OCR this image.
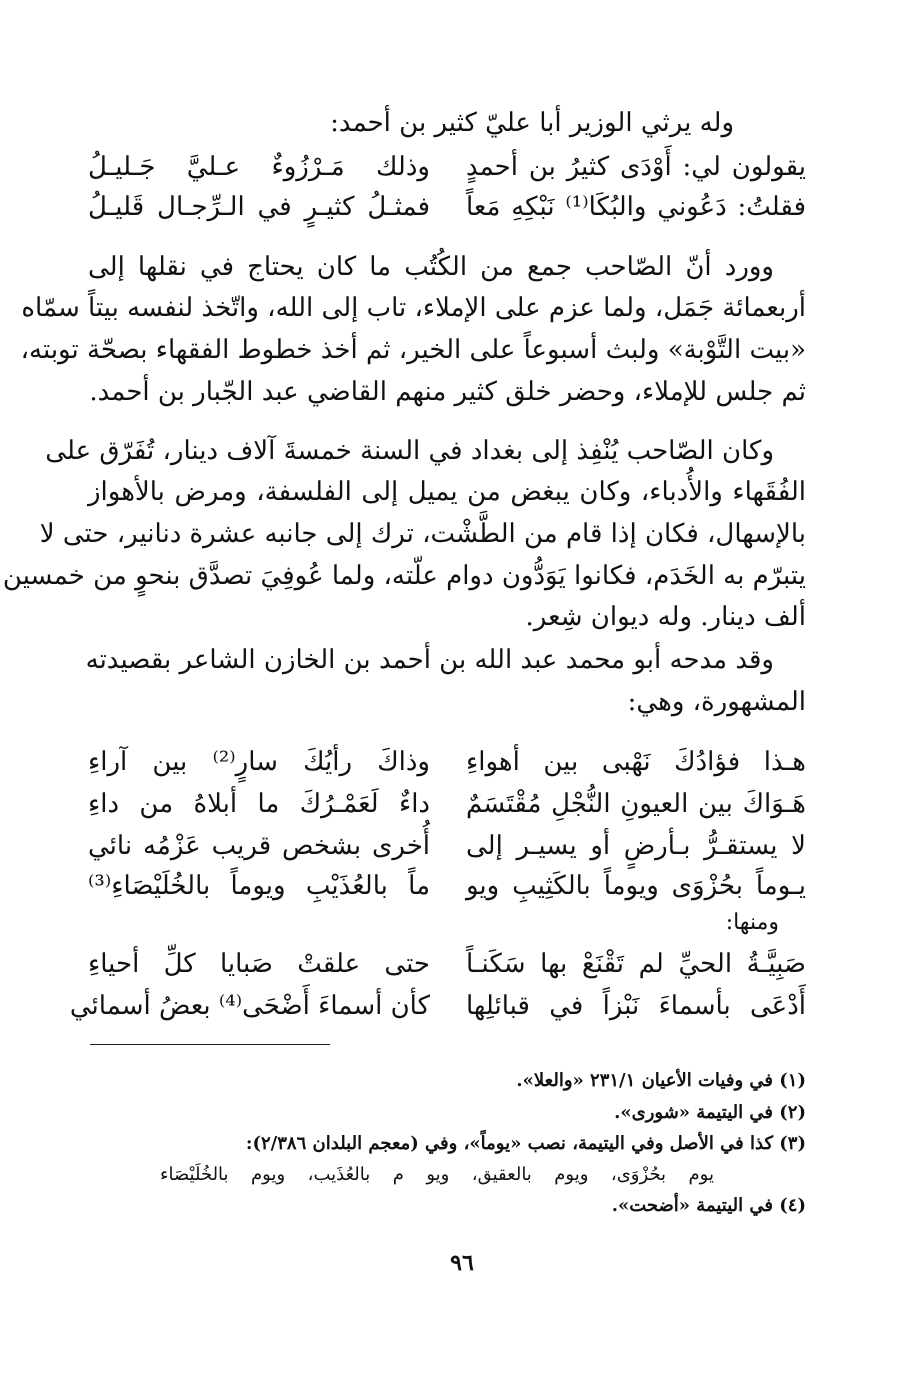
وله يرثي الوزير أبا عليّ كثير بن أحمد:
يقولون لي: أَوْدَى كثيرُ بن أحمدٍ
وذلك مَـرْزُوءٌ عـليَّ جَـليـلُ
فقلتُ: دَعُوني والبُكَا⁽¹⁾ نَبْكِهِ مَعاً
فمثـلُ كثيـرٍ في الـرِّجـال قَليـلُ
وورد أنّ الصّاحب جمع من الكُتُب ما كان يحتاج في نقلها إلى
أربعمائة جَمَل، ولما عزم على الإملاء، تاب إلى الله، واتّخذ لنفسه بيتاً سمّاه
«بيت التَّوْبة» ولبث أسبوعاً على الخير، ثم أخذ خطوط الفقهاء بصحّة توبته،
ثم جلس للإملاء، وحضر خلق كثير منهم القاضي عبد الجّبار بن أحمد.
وكان الصّاحب يُنْفِذ إلى بغداد في السنة خمسةَ آلاف دينار، تُفَرّق على
الفُقَهاء والأُدباء، وكان يبغض من يميل إلى الفلسفة، ومرض بالأهواز
بالإسهال، فكان إذا قام من الطَّشْت، ترك إلى جانبه عشرة دنانير، حتى لا
يتبرّم به الخَدَم، فكانوا يَوَدُّون دوام علّته، ولما عُوفِيَ تصدَّق بنحوٍ من خمسين
ألف دينار. وله ديوان شِعر.
وقد مدحه أبو محمد عبد الله بن أحمد بن الخازن الشاعر بقصيدته
المشهورة، وهي:
هـذا فؤادُكَ نَهْبى بين أهواءِ
وذاكَ رأيُكَ سارٍ⁽²⁾ بين آراءِ
هَـوَاكَ بين العيونِ النُّجْلِ مُقْتَسَمٌ
داءٌ لَعَمْـرُكَ ما أبلاهُ من داءِ
لا يستقـرُّ بـأرضٍ أو يسيـر إلى
أُخرى بشخص قريب عَزْمُه نائي
يـوماً بحُزْوَى ويوماً بالكَثِيبِ ويو
ماً بالعُذَيْبِ ويوماً بالخُلَيْصَاءِ⁽³⁾
ومنها:
صَبِيَّـةُ الحيِّ لم تَقْنَعْ بها سَكَنـاً
حتى علقتْ صَبايا كلِّ أحياءِ
أَدْعَى بأسماءَ نَبْزاً في قبائلِها
كأن أسماءَ أَضْحَى⁽⁴⁾ بعضُ أسمائي
(١) في وفيات الأعيان ٢٣١/١ «والعلا».
(٢) في اليتيمة «شورى».
(٣) كذا في الأصل وفي اليتيمة، نصب «يوماً»، وفي (معجم البلدان ٢/٣٨٦):
يوم بحُزْوَى، ويوم بالعقيق، ويو م بالعُذَيب، ويوم بالخُلَيْصَاء
(٤) في اليتيمة «أضحت».
٩٦
